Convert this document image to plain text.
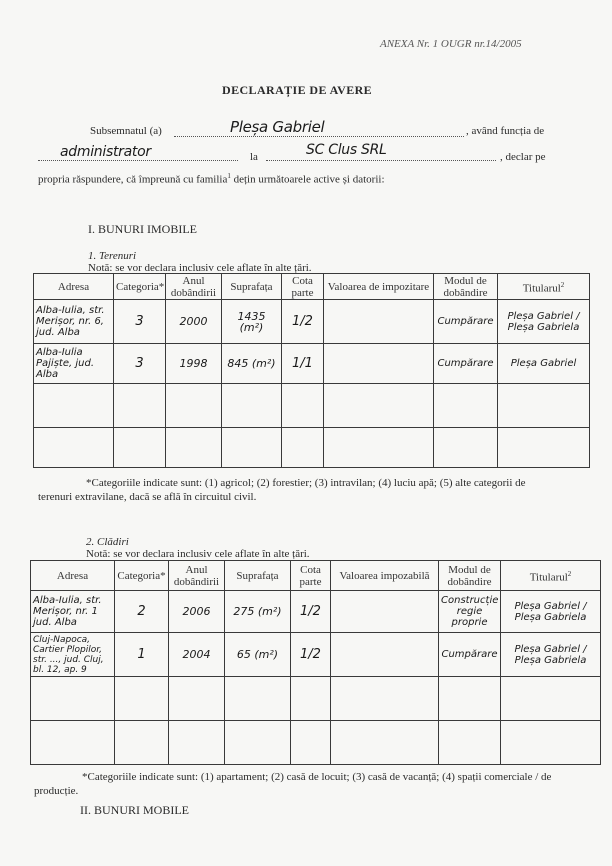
ANEXA Nr. 1 OUGR nr.14/2005
DECLARAȚIE DE AVERE
Subsemnatul (a)	Pleșa Gabriel	, având funcția de
administrator	la	SC Clus SRL	, declar pe
propria răspundere, că împreună cu familia$^1$ dețin următoarele active și datorii:
I. BUNURI IMOBILE
1. Terenuri
Notă: se vor declara inclusiv cele aflate în alte țări.
Adresa	Categoria*	Anul dobândirii	Suprafața	Cota parte	Valoarea de impozitare	Modul de dobândire	Titularul$^2$
Alba-Iulia, str. Merișor, nr. 6, jud. Alba	3	2000	1435 (m²)	1/2		Cumpărare	Pleșa Gabriel / Pleșa Gabriela
Alba-Iulia Pajiște, jud. Alba	3	1998	845 (m²)	1/1		Cumpărare	Pleșa Gabriel

*Categoriile indicate sunt: (1) agricol; (2) forestier; (3) intravilan; (4) luciu apă; (5) alte categorii de terenuri extravilane, dacă se află în circuitul civil.
2. Clădiri
Notă: se vor declara inclusiv cele aflate în alte țări.
Adresa	Categoria*	Anul dobândirii	Suprafața	Cota parte	Valoarea impozabilă	Modul de dobândire	Titularul$^2$
Alba-Iulia, str. Merișor, nr. 1 jud. Alba	2	2006	275 (m²)	1/2		Construcție regie proprie	Pleșa Gabriel / Pleșa Gabriela
Cluj-Napoca, Cartier Plopilor, str. ..., jud. Cluj, bl. 12, ap. 9	1	2004	65 (m²)	1/2		Cumpărare	Pleșa Gabriel / Pleșa Gabriela

*Categoriile indicate sunt: (1) apartament; (2) casă de locuit; (3) casă de vacanță; (4) spații comerciale / de producție.
II. BUNURI MOBILE
